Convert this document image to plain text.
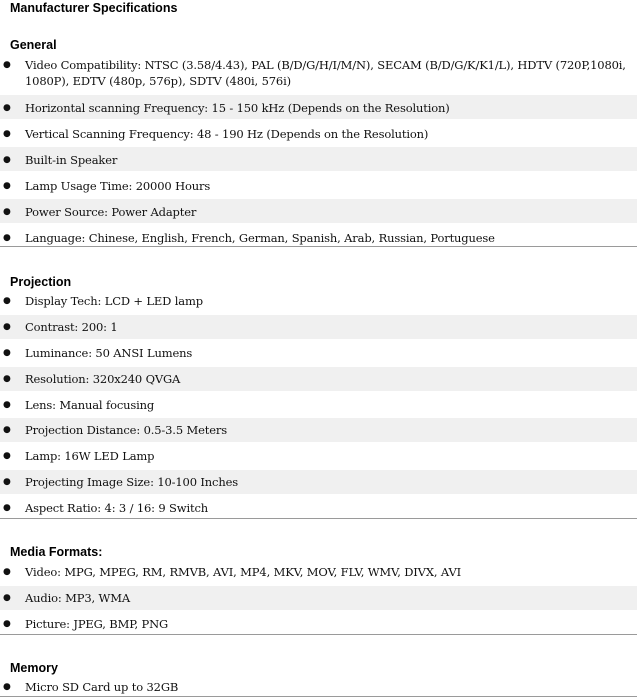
Manufacturer Specifications
General
● Video Compatibility: NTSC (3.58/4.43), PAL (B/D/G/H/I/M/N), SECAM (B/D/G/K/K1/L), HDTV (720P,1080i, 1080P), EDTV (480p, 576p), SDTV (480i, 576i)
● Horizontal scanning Frequency: 15 - 150 kHz (Depends on the Resolution)
● Vertical Scanning Frequency: 48 - 190 Hz (Depends on the Resolution)
● Built-in Speaker
● Lamp Usage Time: 20000 Hours
● Power Source: Power Adapter
● Language: Chinese, English, French, German, Spanish, Arab, Russian, Portuguese
Projection
● Display Tech: LCD + LED lamp
● Contrast: 200: 1
● Luminance: 50 ANSI Lumens
● Resolution: 320x240 QVGA
● Lens: Manual focusing
● Projection Distance: 0.5-3.5 Meters
● Lamp: 16W LED Lamp
● Projecting Image Size: 10-100 Inches
● Aspect Ratio: 4: 3 / 16: 9 Switch
Media Formats:
● Video: MPG, MPEG, RM, RMVB, AVI, MP4, MKV, MOV, FLV, WMV, DIVX, AVI
● Audio: MP3, WMA
● Picture: JPEG, BMP, PNG
Memory
● Micro SD Card up to 32GB
